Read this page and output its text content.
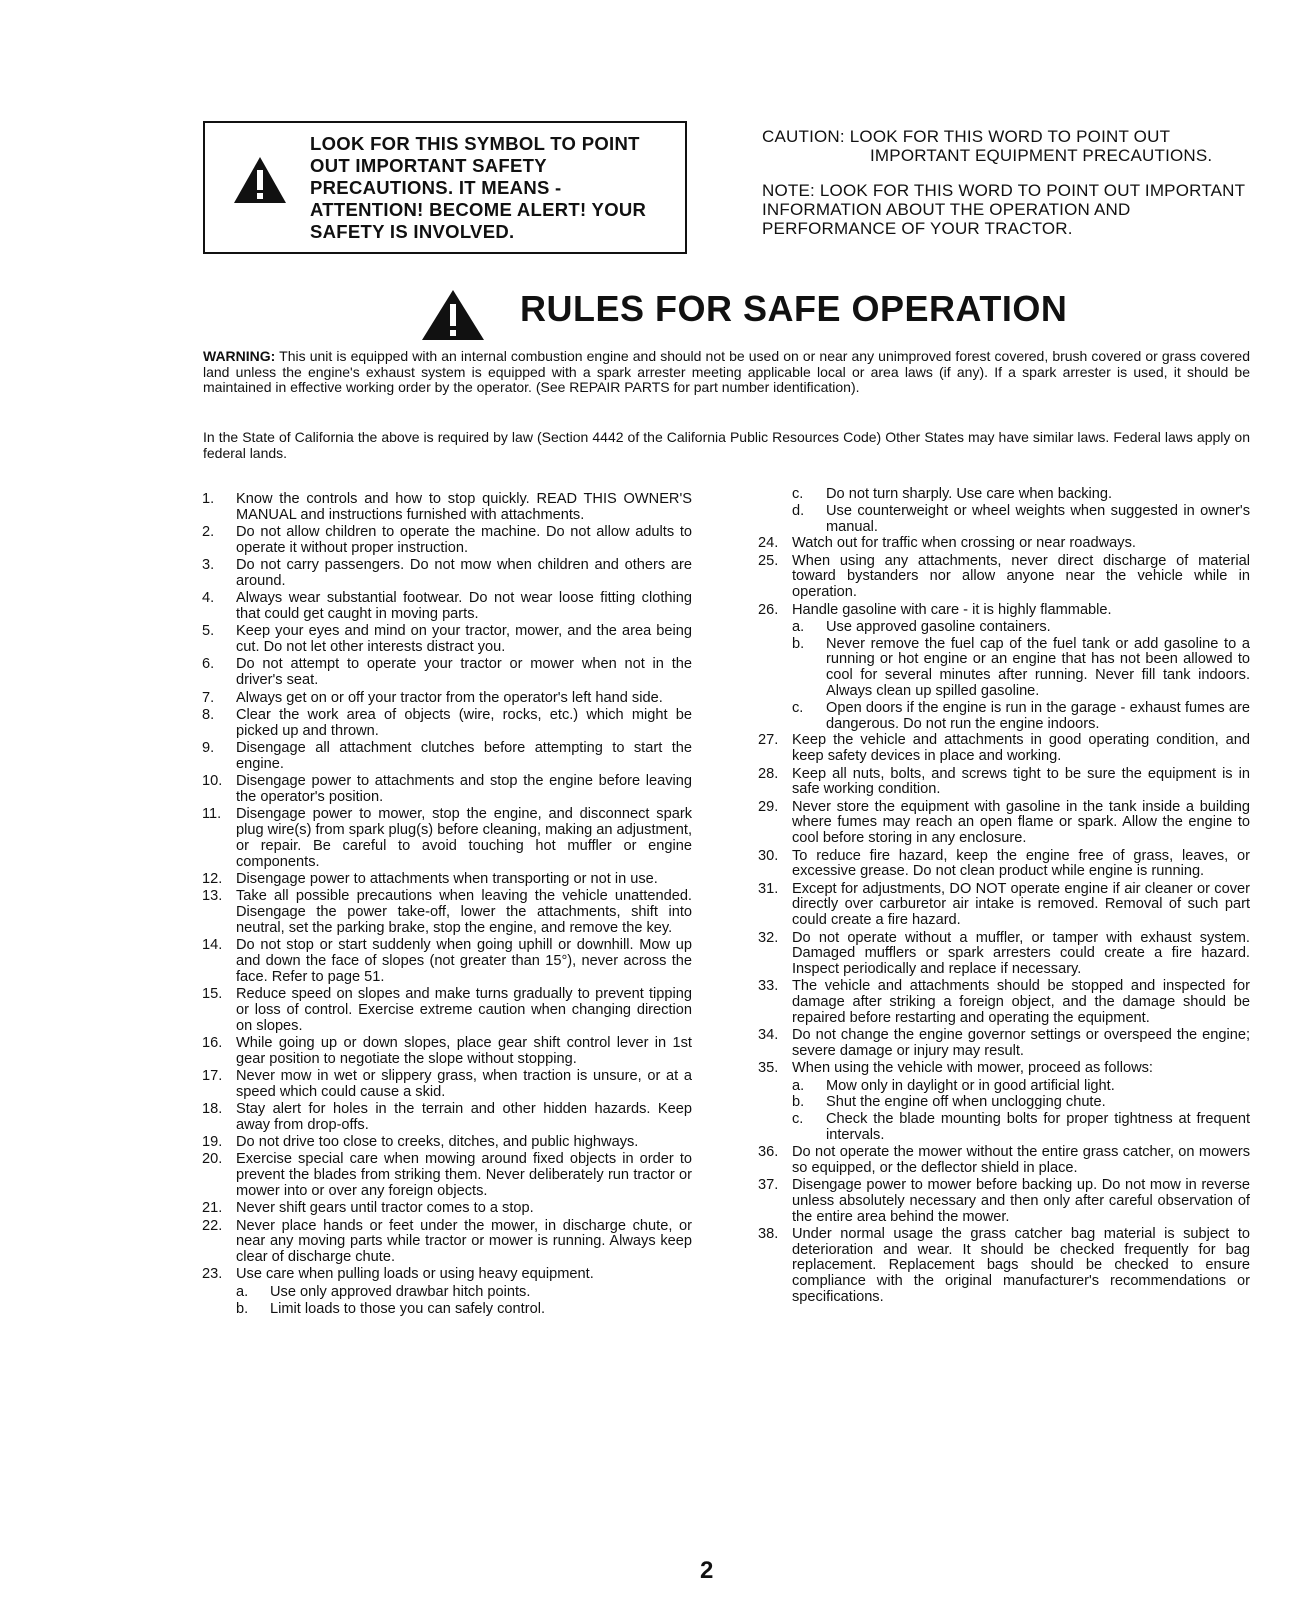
LOOK FOR THIS SYMBOL TO POINT OUT IMPORTANT SAFETY PRECAUTIONS. IT MEANS - ATTENTION! BECOME ALERT! YOUR SAFETY IS INVOLVED.
CAUTION: LOOK FOR THIS WORD TO POINT OUT
IMPORTANT EQUIPMENT PRECAUTIONS.
NOTE: LOOK FOR THIS WORD TO POINT OUT IMPORTANT INFORMATION ABOUT THE OPERATION AND PERFORMANCE OF YOUR TRACTOR.
RULES FOR SAFE OPERATION
WARNING: This unit is equipped with an internal combustion engine and should not be used on or near any unimproved forest covered, brush covered or grass covered land unless the engine's exhaust system is equipped with a spark arrester meeting applicable local or area laws (if any). If a spark arrester is used, it should be maintained in effective working order by the operator. (See REPAIR PARTS for part number identification).
In the State of California the above is required by law (Section 4442 of the California Public Resources Code) Other States may have similar laws. Federal laws apply on federal lands.
1.	Know the controls and how to stop quickly. READ THIS OWNER'S MANUAL and instructions furnished with attachments.
2.	Do not allow children to operate the machine. Do not allow adults to operate it without proper instruction.
3.	Do not carry passengers. Do not mow when children and others are around.
4.	Always wear substantial footwear. Do not wear loose fitting clothing that could get caught in moving parts.
5.	Keep your eyes and mind on your tractor, mower, and the area being cut. Do not let other interests distract you.
6.	Do not attempt to operate your tractor or mower when not in the driver's seat.
7.	Always get on or off your tractor from the operator's left hand side.
8.	Clear the work area of objects (wire, rocks, etc.) which might be picked up and thrown.
9.	Disengage all attachment clutches before attempting to start the engine.
10. Disengage power to attachments and stop the engine before leaving the operator's position.
11.	Disengage power to mower, stop the engine, and disconnect spark plug wire(s) from spark plug(s) before cleaning, making an adjustment, or repair. Be careful to avoid touching hot muffler or engine components.
12. Disengage power to attachments when transporting or not in use.
13. Take all possible precautions when leaving the vehicle unattended. Disengage the power take-off, lower the attachments, shift into neutral, set the parking brake, stop the engine, and remove the key.
14. Do not stop or start suddenly when going uphill or downhill. Mow up and down the face of slopes (not greater than 15°), never across the face. Refer to page 51.
15. Reduce speed on slopes and make turns gradually to prevent tipping or loss of control. Exercise extreme caution when changing direction on slopes.
16. While going up or down slopes, place gear shift control lever in 1st gear position to negotiate the slope without stopping.
17. Never mow in wet or slippery grass, when traction is unsure, or at a speed which could cause a skid.
18. Stay alert for holes in the terrain and other hidden hazards. Keep away from drop-offs.
19. Do not drive too close to creeks, ditches, and public highways.
20. Exercise special care when mowing around fixed objects in order to prevent the blades from striking them. Never deliberately run tractor or mower into or over any foreign objects.
21. Never shift gears until tractor comes to a stop.
22. Never place hands or feet under the mower, in discharge chute, or near any moving parts while tractor or mower is running. Always keep clear of discharge chute.
23. Use care when pulling loads or using heavy equipment.
a.	Use only approved drawbar hitch points.
b.	Limit loads to those you can safely control.
c.	Do not turn sharply. Use care when backing.
d.	Use counterweight or wheel weights when suggested in owner's manual.
24. Watch out for traffic when crossing or near roadways.
25. When using any attachments, never direct discharge of material toward bystanders nor allow anyone near the vehicle while in operation.
26. Handle gasoline with care - it is highly flammable.
a.	Use approved gasoline containers.
b.	Never remove the fuel cap of the fuel tank or add gasoline to a running or hot engine or an engine that has not been allowed to cool for several minutes after running. Never fill tank indoors. Always clean up spilled gasoline.
c.	Open doors if the engine is run in the garage - exhaust fumes are dangerous. Do not run the engine indoors.
27. Keep the vehicle and attachments in good operating condition, and keep safety devices in place and working.
28. Keep all nuts, bolts, and screws tight to be sure the equipment is in safe working condition.
29. Never store the equipment with gasoline in the tank inside a building where fumes may reach an open flame or spark. Allow the engine to cool before storing in any enclosure.
30. To reduce fire hazard, keep the engine free of grass, leaves, or excessive grease. Do not clean product while engine is running.
31. Except for adjustments, DO NOT operate engine if air cleaner or cover directly over carburetor air intake is removed. Removal of such part could create a fire hazard.
32. Do not operate without a muffler, or tamper with exhaust system. Damaged mufflers or spark arresters could create a fire hazard. Inspect periodically and replace if necessary.
33. The vehicle and attachments should be stopped and inspected for damage after striking a foreign object, and the damage should be repaired before restarting and operating the equipment.
34. Do not change the engine governor settings or overspeed the engine; severe damage or injury may result.
35. When using the vehicle with mower, proceed as follows:
a.	Mow only in daylight or in good artificial light.
b.	Shut the engine off when unclogging chute.
c.	Check the blade mounting bolts for proper tightness at frequent intervals.
36. Do not operate the mower without the entire grass catcher, on mowers so equipped, or the deflector shield in place.
37. Disengage power to mower before backing up. Do not mow in reverse unless absolutely necessary and then only after careful observation of the entire area behind the mower.
38. Under normal usage the grass catcher bag material is subject to deterioration and wear. It should be checked frequently for bag replacement. Replacement bags should be checked to ensure compliance with the original manufacturer's recommendations or specifications.
2
